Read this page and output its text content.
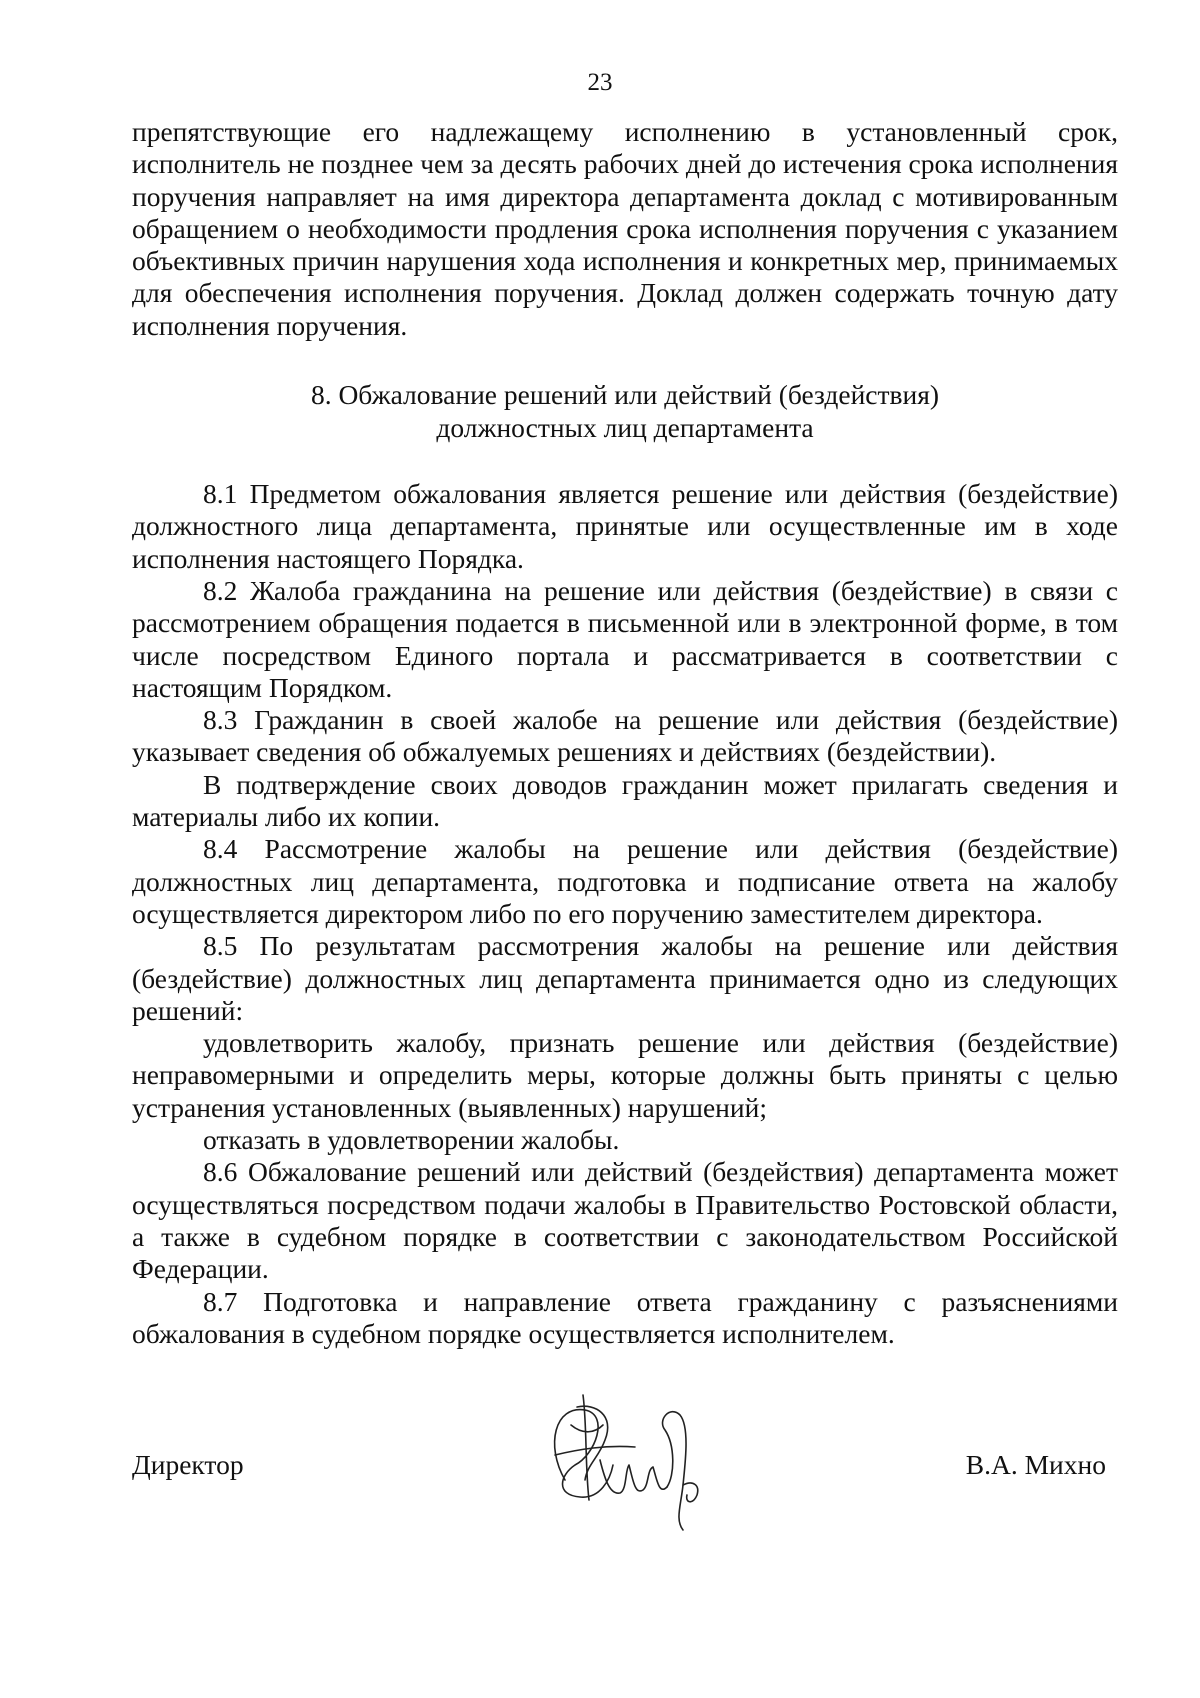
23

препятствующие его надлежащему исполнению в установленный срок, исполнитель не позднее чем за десять рабочих дней до истечения срока исполнения поручения направляет на имя директора департамента доклад с мотивированным обращением о необходимости продления срока исполнения поручения с указанием объективных причин нарушения хода исполнения и конкретных мер, принимаемых для обеспечения исполнения поручения. Доклад должен содержать точную дату исполнения поручения.

8. Обжалование решений или действий (бездействия)
должностных лиц департамента

8.1 Предметом обжалования является решение или действия (бездействие) должностного лица департамента, принятые или осуществленные им в ходе исполнения настоящего Порядка.

8.2 Жалоба гражданина на решение или действия (бездействие) в связи с рассмотрением обращения подается в письменной или в электронной форме, в том числе посредством Единого портала и рассматривается в соответствии с настоящим Порядком.

8.3 Гражданин в своей жалобе на решение или действия (бездействие) указывает сведения об обжалуемых решениях и действиях (бездействии).

В подтверждение своих доводов гражданин может прилагать сведения и материалы либо их копии.

8.4 Рассмотрение жалобы на решение или действия (бездействие) должностных лиц департамента, подготовка и подписание ответа на жалобу осуществляется директором либо по его поручению заместителем директора.

8.5 По результатам рассмотрения жалобы на решение или действия (бездействие) должностных лиц департамента принимается одно из следующих решений:

удовлетворить жалобу, признать решение или действия (бездействие) неправомерными и определить меры, которые должны быть приняты с целью устранения установленных (выявленных) нарушений;

отказать в удовлетворении жалобы.

8.6 Обжалование решений или действий (бездействия) департамента может осуществляться посредством подачи жалобы в Правительство Ростовской области, а также в судебном порядке в соответствии с законодательством Российской Федерации.

8.7 Подготовка и направление ответа гражданину с разъяснениями обжалования в судебном порядке осуществляется исполнителем.

Директор	В.А. Михно
